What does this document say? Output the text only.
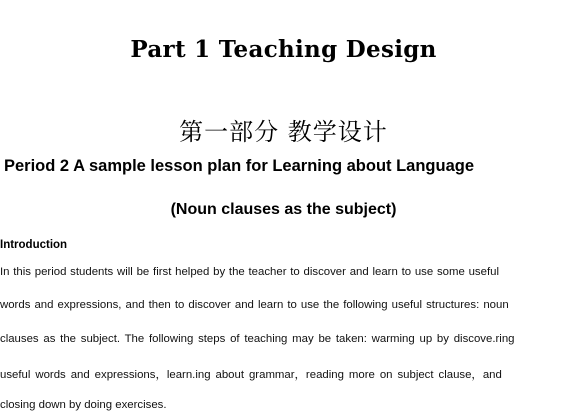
Part 1 Teaching Design
第一部分 教学设计
Period 2 A sample lesson plan for Learning about Language
(Noun clauses as the subject)
Introduction
In this period students will be first helped by the teacher to discover and learn to use some useful
words and expressions, and then to discover and learn to use the following useful structures: noun
clauses as the subject. The following steps of teaching may be taken: warming up by discove.ring
useful words and expressions，learn.ing about grammar，reading more on subject clause，and
closing down by doing exercises.
